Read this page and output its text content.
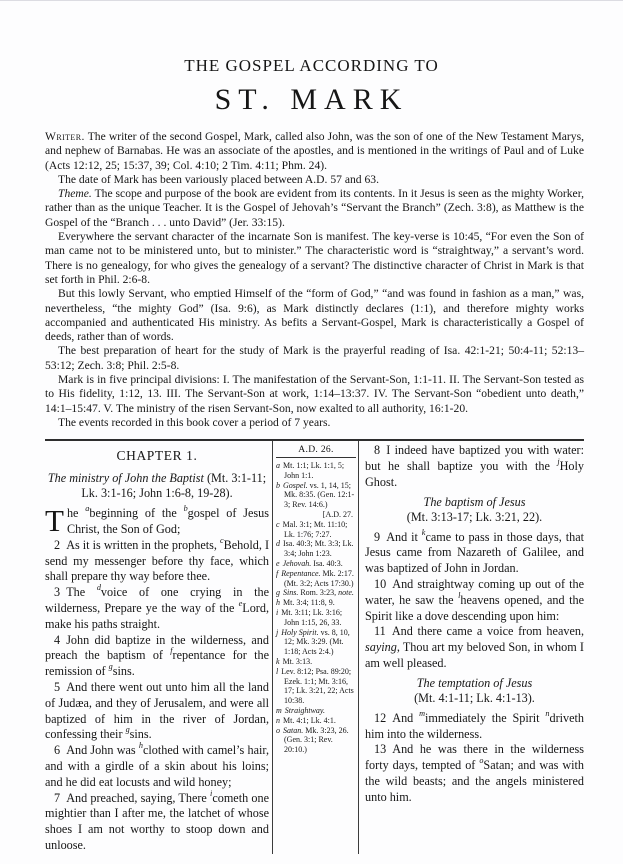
THE GOSPEL ACCORDING TO
ST. MARK

Writer. The writer of the second Gospel, Mark, called also John, was the son of one of the New Testament Marys, and nephew of Barnabas. He was an associate of the apostles, and is mentioned in the writings of Paul and of Luke (Acts 12:12, 25; 15:37, 39; Col. 4:10; 2 Tim. 4:11; Phm. 24).

The date of Mark has been variously placed between A.D. 57 and 63.

Theme. The scope and purpose of the book are evident from its contents. In it Jesus is seen as the mighty Worker, rather than as the unique Teacher. It is the Gospel of Jehovah’s “Servant the Branch” (Zech. 3:8), as Matthew is the Gospel of the “Branch . . . unto David” (Jer. 33:15).

Everywhere the servant character of the incarnate Son is manifest. The key-verse is 10:45, “For even the Son of man came not to be ministered unto, but to minister.” The characteristic word is “straightway,” a servant’s word. There is no genealogy, for who gives the genealogy of a servant? The distinctive character of Christ in Mark is that set forth in Phil. 2:6-8.

But this lowly Servant, who emptied Himself of the “form of God,” “and was found in fashion as a man,” was, nevertheless, “the mighty God” (Isa. 9:6), as Mark distinctly declares (1:1), and therefore mighty works accompanied and authenticated His ministry. As befits a Servant-Gospel, Mark is characteristically a Gospel of deeds, rather than of words.

The best preparation of heart for the study of Mark is the prayerful reading of Isa. 42:1-21; 50:4-11; 52:13–53:12; Zech. 3:8; Phil. 2:5-8.

Mark is in five principal divisions: I. The manifestation of the Servant-Son, 1:1-11. II. The Servant-Son tested as to His fidelity, 1:12, 13. III. The Servant-Son at work, 1:14–13:37. IV. The Servant-Son “obedient unto death,” 14:1–15:47. V. The ministry of the risen Servant-Son, now exalted to all authority, 16:1-20.

The events recorded in this book cover a period of 7 years.

CHAPTER 1.
The ministry of John the Baptist (Mt. 3:1-11; Lk. 3:1-16; John 1:6-8, 19-28).

The $^a$beginning of the $^b$gospel of Jesus Christ, the Son of God;

2 As it is written in the prophets, $^c$Behold, I send my messenger before thy face, which shall prepare thy way before thee.

3 The $^d$voice of one crying in the wilderness, Prepare ye the way of the $^e$Lord, make his paths straight.

4 John did baptize in the wilderness, and preach the baptism of $^f$repentance for the remission of $^g$sins.

5 And there went out unto him all the land of Judæa, and they of Jerusalem, and were all baptized of him in the river of Jordan, confessing their $^g$sins.

6 And John was $^h$clothed with camel’s hair, and with a girdle of a skin about his loins; and he did eat locusts and wild honey;

7 And preached, saying, There $^i$cometh one mightier than I after me, the latchet of whose shoes I am not worthy to stoop down and unloose.

A.D. 26.
a Mt. 1:1; Lk. 1:1, 5; John 1:1.
b Gospel. vs. 1, 14, 15; Mk. 8:35. (Gen. 12:1-3; Rev. 14:6.)
[A.D. 27.
c Mal. 3:1; Mt. 11:10; Lk. 1:76; 7:27.
d Isa. 40:3; Mt. 3:3; Lk. 3:4; John 1:23.
e Jehovah. Isa. 40:3.
f Repentance. Mk. 2:17. (Mt. 3:2; Acts 17:30.)
g Sins. Rom. 3:23, note.
h Mt. 3:4; 11:8, 9.
i Mt. 3:11; Lk. 3:16; John 1:15, 26, 33.
j Holy Spirit. vs. 8, 10, 12; Mk. 3:29. (Mt. 1:18; Acts 2:4.)
k Mt. 3:13.
l Lev. 8:12; Psa. 89:20; Ezek. 1:1; Mt. 3:16, 17; Lk. 3:21, 22; Acts 10:38.
m Straightway.
n Mt. 4:1; Lk. 4:1.
o Satan. Mk. 3:23, 26. (Gen. 3:1; Rev. 20:10.)

8 I indeed have baptized you with water: but he shall baptize you with the $^j$Holy Ghost.

The baptism of Jesus
(Mt. 3:13-17; Lk. 3:21, 22).

9 And it $^k$came to pass in those days, that Jesus came from Nazareth of Galilee, and was baptized of John in Jordan.

10 And straightway coming up out of the water, he saw the $^l$heavens opened, and the Spirit like a dove descending upon him:

11 And there came a voice from heaven, saying, Thou art my beloved Son, in whom I am well pleased.

The temptation of Jesus
(Mt. 4:1-11; Lk. 4:1-13).

12 And $^m$immediately the Spirit $^n$driveth him into the wilderness.

13 And he was there in the wilderness forty days, tempted of $^o$Satan; and was with the wild beasts; and the angels ministered unto him.
